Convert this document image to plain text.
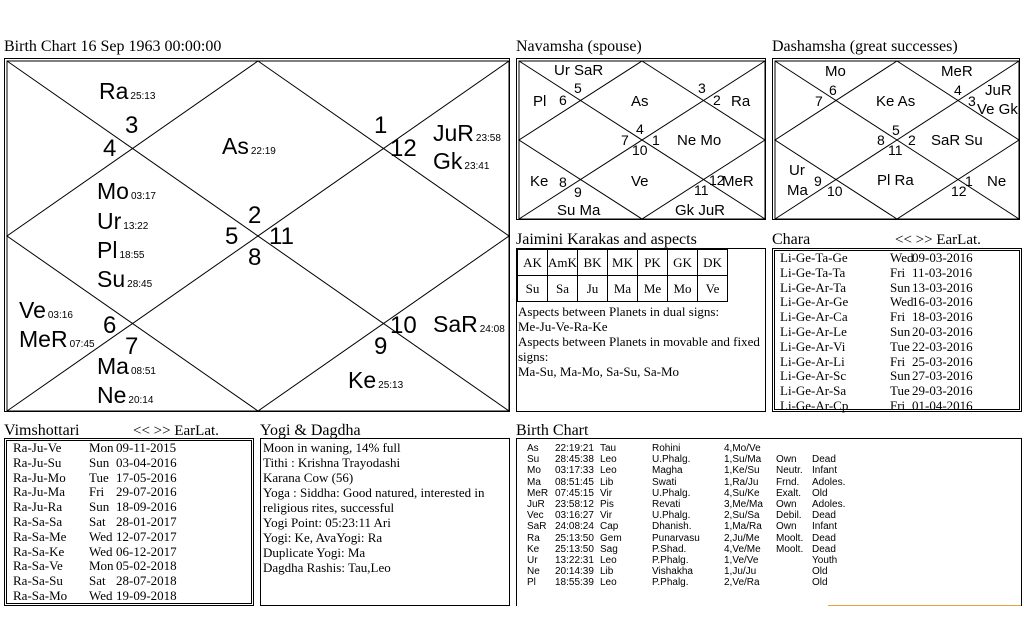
Birth Chart 16 Sep 1963 00:00:00
3
4
1
12
2
5 11
8
6
7
10
9
Ra 25:13
As 22:19
JuR 23:58
Gk 23:41
Mo 03:17
Ur 13:22
Pl 18:55
Su 28:45
Ve 03:16
MeR 07:45
Ma 08:51
Ne 20:14
SaR 24:08
Ke 25:13
Navamsha (spouse)
5
6
3
2
4
7 1
10
8
9	11
12
Ur SaR
Pl	As	Ra
Ne Mo
Ke	Ve	MeR
Su Ma	Gk JuR
Dashamsha (great successes)
6
7
4
3
5
8 2
11
9
10	12
1
Mo	MeR
JuR
Ve Gk
Ke As
SaR Su
Ur
Ma
Pl Ra	Ne
Jaimini Karakas and aspects
AK	AmK	BK	MK	PK	GK	DK
Su	Sa	Ju	Ma	Me	Mo	Ve
Aspects between Planets in dual signs:
Me-Ju-Ve-Ra-Ke
Aspects between Planets in movable and fixed signs:
Ma-Su, Ma-Mo, Sa-Su, Sa-Mo
Chara	<< >> EarLat.
Li-Ge-Ta-Ge	Wed09-03-2016
Li-Ge-Ta-Ta	Fri 11-03-2016
Li-Ge-Ar-Ta	Sun 13-03-2016
Li-Ge-Ar-Ge	Wed16-03-2016
Li-Ge-Ar-Ca	Fri 18-03-2016
Li-Ge-Ar-Le	Sun 20-03-2016
Li-Ge-Ar-Vi	Tue 22-03-2016
Li-Ge-Ar-Li	Fri 25-03-2016
Li-Ge-Ar-Sc	Sun 27-03-2016
Li-Ge-Ar-Sa	Tue 29-03-2016
Li-Ge-Ar-Cp	Fri 01-04-2016
Vimshottari	<< >> EarLat.
Ra-Ju-Ve Mon 09-11-2015
Ra-Ju-Su Sun 03-04-2016
Ra-Ju-Mo Tue 17-05-2016
Ra-Ju-Ma Fri 29-07-2016
Ra-Ju-Ra Sun 18-09-2016
Ra-Sa-Sa Sat 28-01-2017
Ra-Sa-Me Wed 12-07-2017
Ra-Sa-Ke Wed 06-12-2017
Ra-Sa-Ve Mon 05-02-2018
Ra-Sa-Su Sat 28-07-2018
Ra-Sa-Mo Wed 19-09-2018
Yogi & Dagdha
Moon in waning, 14% full
Tithi : Krishna Trayodashi
Karana Cow (56)
Yoga : Siddha: Good natured, interested in religious rites, successful
Yogi Point: 05:23:11 Ari
Yogi: Ke, AvaYogi: Ra
Duplicate Yogi: Ma
Dagdha Rashis: Tau,Leo
Birth Chart
As	22:19:21	Tau	Rohini	4,Mo/Ve		
Su	28:45:38	Leo	U.Phalg.	1,Su/Ma	Own	Dead
Mo	03:17:33	Leo	Magha	1,Ke/Su	Neutr.	Infant
Ma	08:51:45	Lib	Swati	1,Ra/Ju	Frnd.	Adoles.
MeR	07:45:15	Vir	U.Phalg.	4,Su/Ke	Exalt.	Old
JuR	23:58:12	Pis	Revati	3,Me/Ma	Own	Adoles.
Vec	03:16:27	Vir	U.Phalg.	2,Su/Sa	Debil.	Dead
SaR	24:08:24	Cap	Dhanish.	1,Ma/Ra	Own	Infant
Ra	25:13:50	Gem	Punarvasu	2,Ju/Me	Moolt.	Dead
Ke	25:13:50	Sag	P.Shad.	4,Ve/Me	Moolt.	Dead
Ur	13:22:31	Leo	P.Phalg.	1,Ve/Ve		Youth
Ne	20:14:39	Lib	Vishakha	1,Ju/Ju		Old
Pl	18:55:39	Leo	P.Phalg.	2,Ve/Ra		Old
